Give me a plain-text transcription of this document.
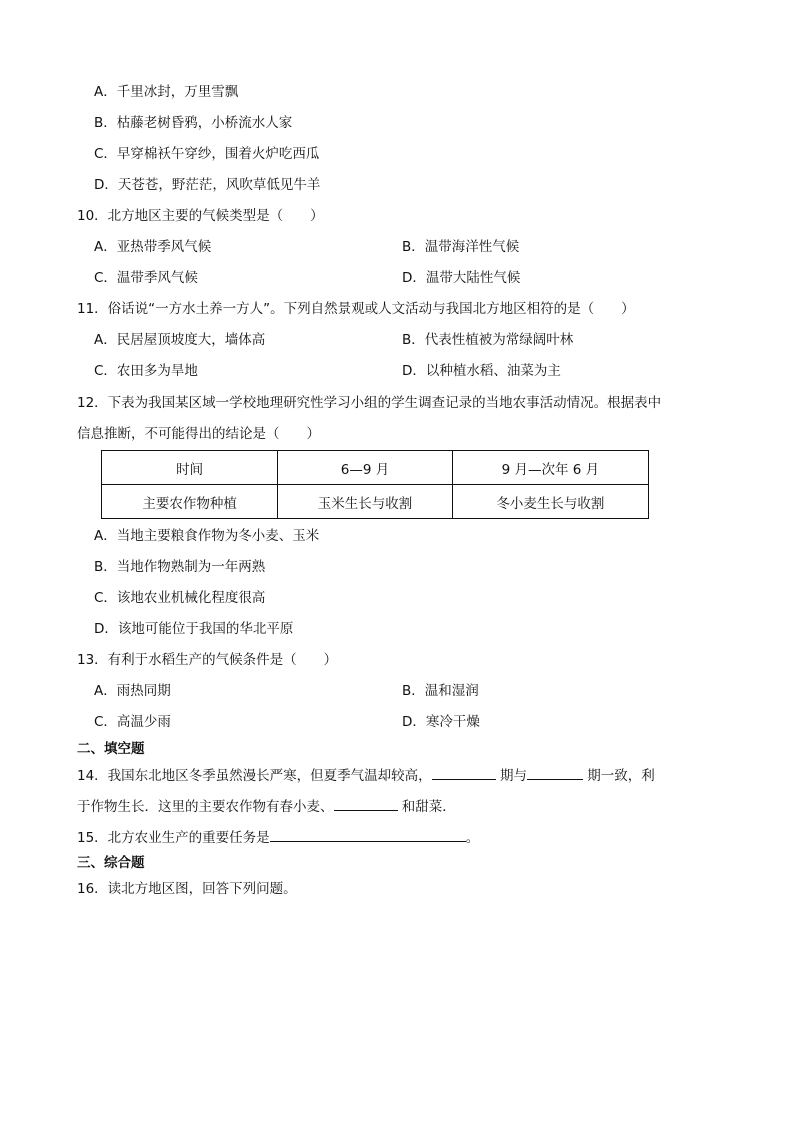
A．千里冰封，万里雪飘
B．枯藤老树昏鸦，小桥流水人家
C．早穿棉袄午穿纱，围着火炉吃西瓜
D．天苍苍，野茫茫，风吹草低见牛羊
10．北方地区主要的气候类型是（　　）
A．亚热带季风气候	B．温带海洋性气候
C．温带季风气候	D．温带大陆性气候
11．俗话说“一方水土养一方人”。下列自然景观或人文活动与我国北方地区相符的是（　　）
A．民居屋顶坡度大，墙体高	B．代表性植被为常绿阔叶林
C．农田多为旱地	D．以种植水稻、油菜为主
12．下表为我国某区域一学校地理研究性学习小组的学生调查记录的当地农事活动情况。根据表中
信息推断，不可能得出的结论是（　　）
时间	6—9 月	9 月—次年 6 月
主要农作物种植	玉米生长与收割	冬小麦生长与收割
A．当地主要粮食作物为冬小麦、玉米
B．当地作物熟制为一年两熟
C．该地农业机械化程度很高
D．该地可能位于我国的华北平原
13．有利于水稻生产的气候条件是（　　）
A．雨热同期	B．温和湿润
C．高温少雨	D．寒冷干燥
二、填空题
14．我国东北地区冬季虽然漫长严寒，但夏季气温却较高，	期与	期一致，利
于作物生长．这里的主要农作物有春小麦、	和甜菜．
15．北方农业生产的重要任务是	。
三、综合题
16．读北方地区图，回答下列问题。
